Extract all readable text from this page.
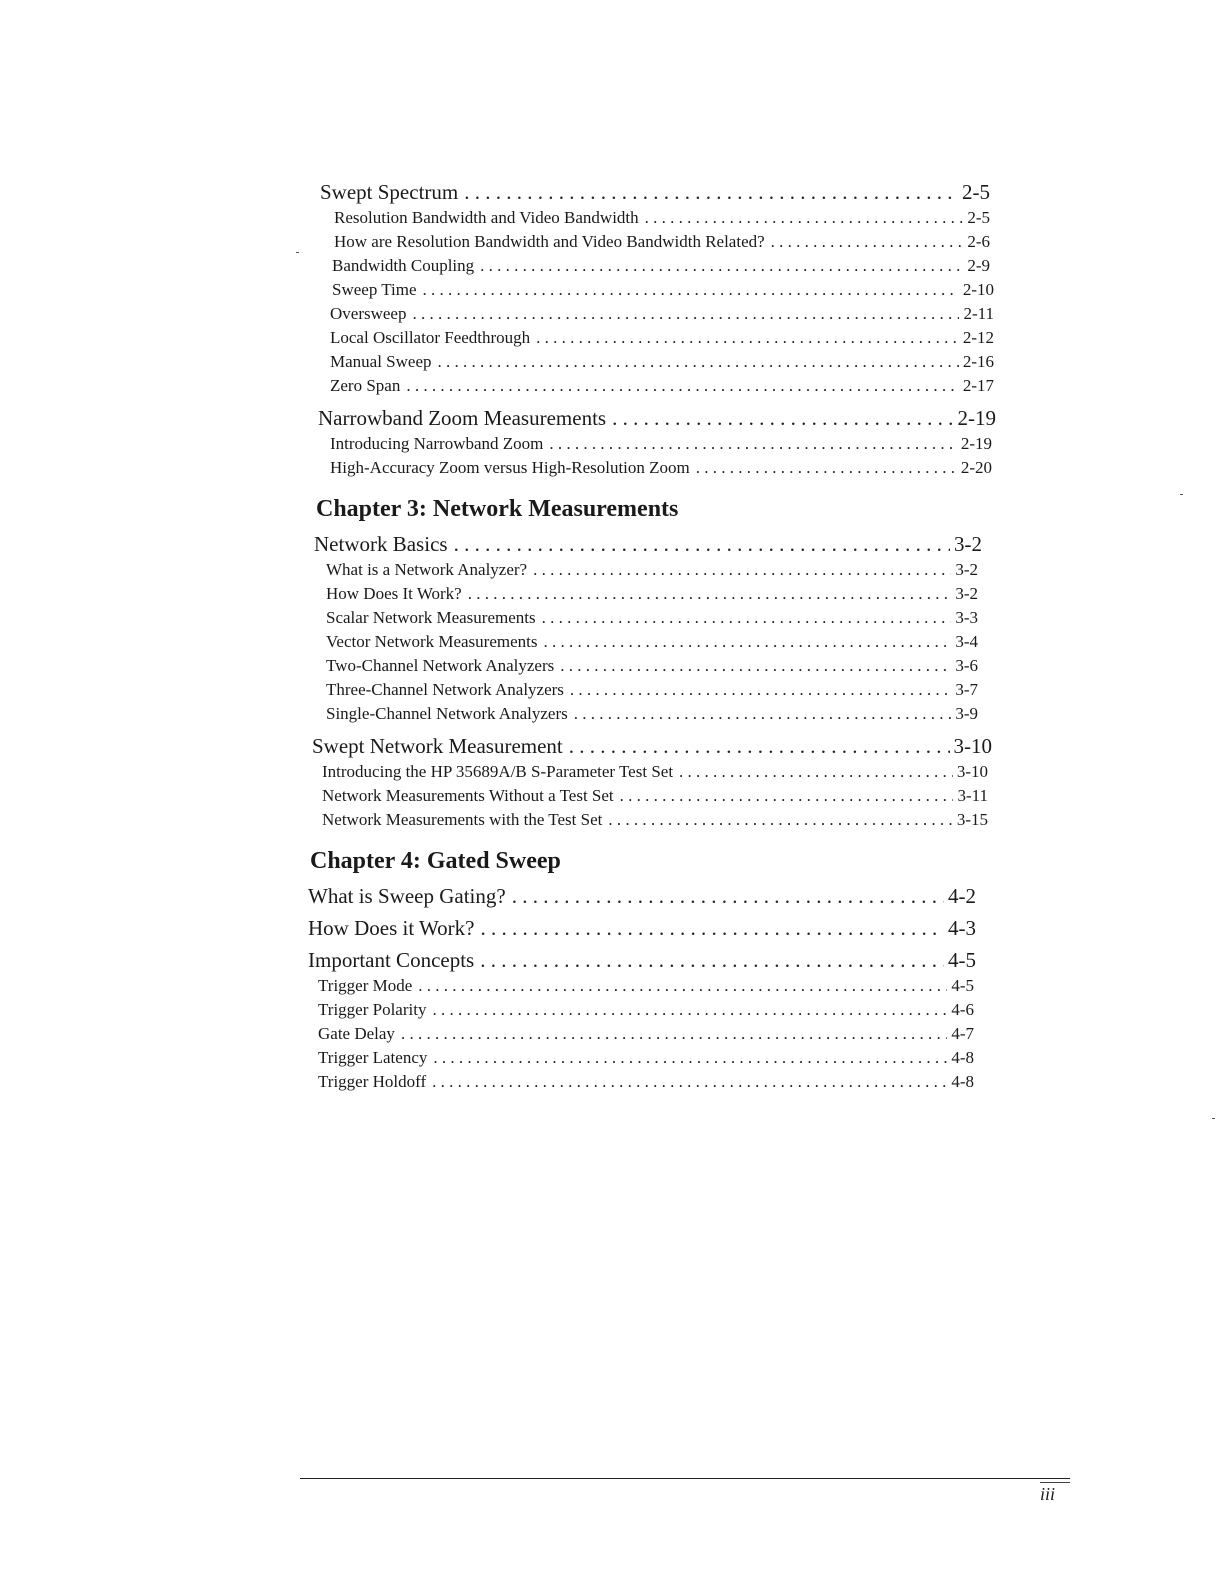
Swept Spectrum . . .	2-5
Resolution Bandwidth and Video Bandwidth . . .	2-5
How are Resolution Bandwidth and Video Bandwidth Related? . . .	2-6
Bandwidth Coupling . . .	2-9
Sweep Time . . .	2-10
Oversweep . . .	2-11
Local Oscillator Feedthrough . . .	2-12
Manual Sweep . . .	2-16
Zero Span . . .	2-17
Narrowband Zoom Measurements . . .	2-19
Introducing Narrowband Zoom . . .	2-19
High-Accuracy Zoom versus High-Resolution Zoom . . .	2-20
Chapter 3: Network Measurements
Network Basics . . .	3-2
What is a Network Analyzer? . . .	3-2
How Does It Work? . . .	3-2
Scalar Network Measurements . . .	3-3
Vector Network Measurements . . .	3-4
Two-Channel Network Analyzers . . .	3-6
Three-Channel Network Analyzers . . .	3-7
Single-Channel Network Analyzers . . .	3-9
Swept Network Measurement . . .	3-10
Introducing the HP 35689A/B S-Parameter Test Set . . .	3-10
Network Measurements Without a Test Set . . .	3-11
Network Measurements with the Test Set . . .	3-15
Chapter 4: Gated Sweep
What is Sweep Gating? . . .	4-2
How Does it Work? . . .	4-3
Important Concepts . . .	4-5
Trigger Mode . . .	4-5
Trigger Polarity . . .	4-6
Gate Delay . . .	4-7
Trigger Latency . . .	4-8
Trigger Holdoff . . .	4-8
iii
